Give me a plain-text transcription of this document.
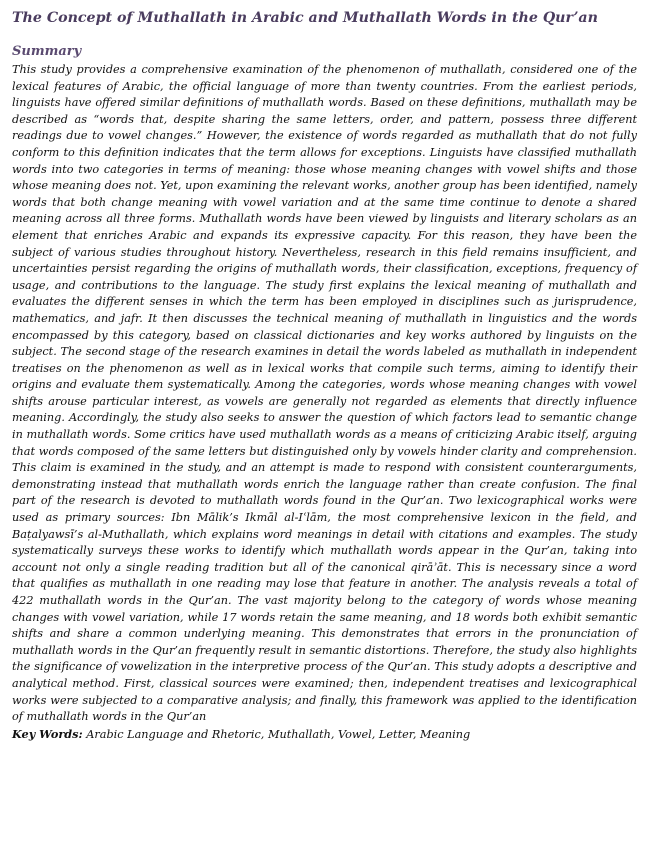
The Concept of Muthallath in Arabic and Muthallath Words in the Qur’an
Summary

This study provides a comprehensive examination of the phenomenon of muthallath, considered one of the lexical features of Arabic, the official language of more than twenty countries. From the earliest periods, linguists have offered similar definitions of muthallath words. Based on these definitions, muthallath may be described as “words that, despite sharing the same letters, order, and pattern, possess three different readings due to vowel changes.” However, the existence of words regarded as muthallath that do not fully conform to this definition indicates that the term allows for exceptions. Linguists have classified muthallath words into two categories in terms of meaning: those whose meaning changes with vowel shifts and those whose meaning does not. Yet, upon examining the relevant works, another group has been identified, namely words that both change meaning with vowel variation and at the same time continue to denote a shared meaning across all three forms. Muthallath words have been viewed by linguists and literary scholars as an element that enriches Arabic and expands its expressive capacity. For this reason, they have been the subject of various studies throughout history. Nevertheless, research in this field remains insufficient, and uncertainties persist regarding the origins of muthallath words, their classification, exceptions, frequency of usage, and contributions to the language. The study first explains the lexical meaning of muthallath and evaluates the different senses in which the term has been employed in disciplines such as jurisprudence, mathematics, and jafr. It then discusses the technical meaning of muthallath in linguistics and the words encompassed by this category, based on classical dictionaries and key works authored by linguists on the subject. The second stage of the research examines in detail the words labeled as muthallath in independent treatises on the phenomenon as well as in lexical works that compile such terms, aiming to identify their origins and evaluate them systematically. Among the categories, words whose meaning changes with vowel shifts arouse particular interest, as vowels are generally not regarded as elements that directly influence meaning. Accordingly, the study also seeks to answer the question of which factors lead to semantic change in muthallath words. Some critics have used muthallath words as a means of criticizing Arabic itself, arguing that words composed of the same letters but distinguished only by vowels hinder clarity and comprehension. This claim is examined in the study, and an attempt is made to respond with consistent counterarguments, demonstrating instead that muthallath words enrich the language rather than create confusion. The final part of the research is devoted to muthallath words found in the Qur’an. Two lexicographical works were used as primary sources: Ibn Mālik’s Ikmāl al-Iʿlām, the most comprehensive lexicon in the field, and Baṭalyawsī’s al-Muthallath, which explains word meanings in detail with citations and examples. The study systematically surveys these works to identify which muthallath words appear in the Qur’an, taking into account not only a single reading tradition but all of the canonical qirāʾāt. This is necessary since a word that qualifies as muthallath in one reading may lose that feature in another. The analysis reveals a total of 422 muthallath words in the Qur’an. The vast majority belong to the category of words whose meaning changes with vowel variation, while 17 words retain the same meaning, and 18 words both exhibit semantic shifts and share a common underlying meaning. This demonstrates that errors in the pronunciation of muthallath words in the Qur’an frequently result in semantic distortions. Therefore, the study also highlights the significance of vowelization in the interpretive process of the Qur’an. This study adopts a descriptive and analytical method. First, classical sources were examined; then, independent treatises and lexicographical works were subjected to a comparative analysis; and finally, this framework was applied to the identification of muthallath words in the Qur’an

Key Words: Arabic Language and Rhetoric, Muthallath, Vowel, Letter, Meaning
